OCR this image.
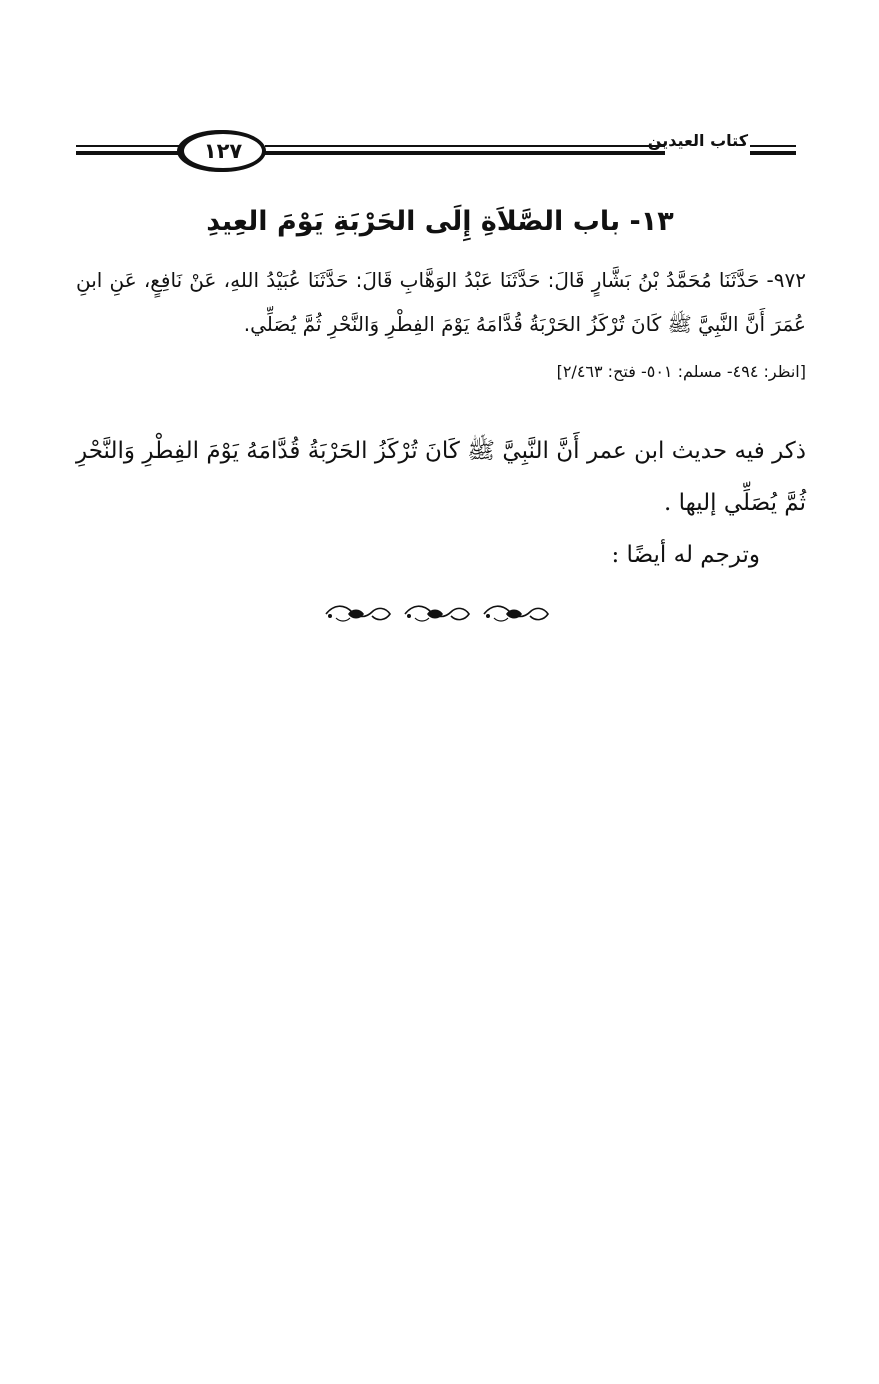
١٢٧	كتاب العيدين
١٣- باب الصَّلاَةِ إِلَى الحَرْبَةِ يَوْمَ العِيدِ
٩٧٢- حَدَّثَنَا مُحَمَّدُ بْنُ بَشَّارٍ قَالَ: حَدَّثَنَا عَبْدُ الوَهَّابِ قَالَ: حَدَّثَنَا عُبَيْدُ اللهِ، عَنْ نَافِعٍ، عَنِ ابنِ عُمَرَ أَنَّ النَّبِيَّ ﷺ كَانَ تُرْكَزُ الحَرْبَةُ قُدَّامَهُ يَوْمَ الفِطْرِ وَالنَّحْرِ ثُمَّ يُصَلِّي.
[انظر: ٤٩٤- مسلم: ٥٠١- فتح: ٢/٤٦٣]

ذكر فيه حديث ابن عمر أَنَّ النَّبِيَّ ﷺ كَانَ تُرْكَزُ الحَرْبَةُ قُدَّامَهُ يَوْمَ الفِطْرِ وَالنَّحْرِ ثُمَّ يُصَلِّي إليها .

وترجم له أيضًا :
